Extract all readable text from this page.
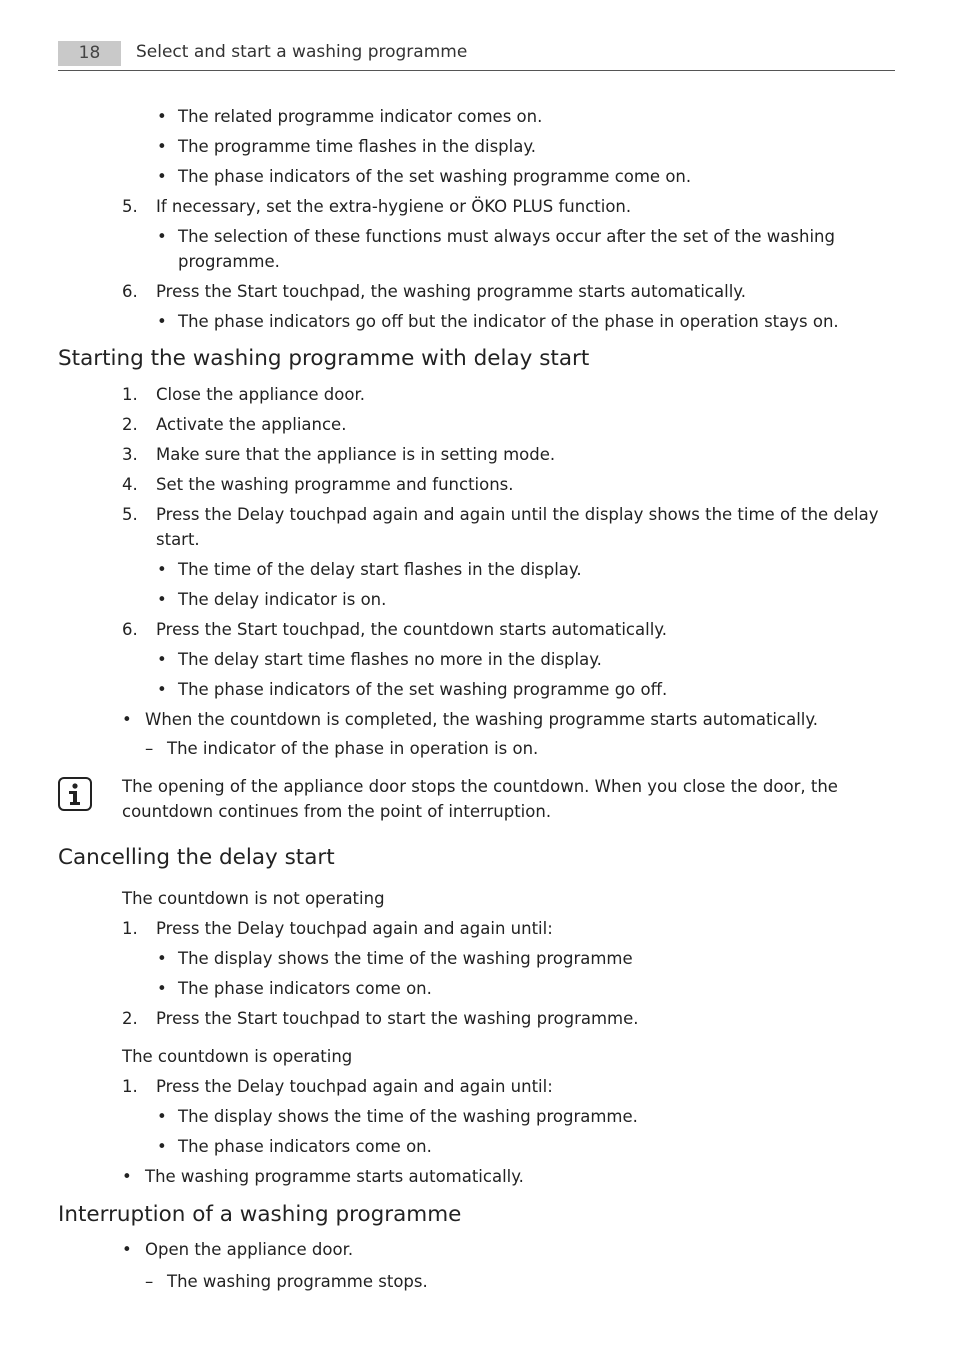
18	Select and start a washing programme
• The related programme indicator comes on.
• The programme time flashes in the display.
• The phase indicators of the set washing programme come on.
5. If necessary, set the extra-hygiene or ÖKO PLUS function.
• The selection of these functions must always occur after the set of the washing programme.
6. Press the Start touchpad, the washing programme starts automatically.
• The phase indicators go off but the indicator of the phase in operation stays on.
Starting the washing programme with delay start
1. Close the appliance door.
2. Activate the appliance.
3. Make sure that the appliance is in setting mode.
4. Set the washing programme and functions.
5. Press the Delay touchpad again and again until the display shows the time of the delay start.
• The time of the delay start flashes in the display.
• The delay indicator is on.
6. Press the Start touchpad, the countdown starts automatically.
• The delay start time flashes no more in the display.
• The phase indicators of the set washing programme go off.
• When the countdown is completed, the washing programme starts automatically.
– The indicator of the phase in operation is on.
The opening of the appliance door stops the countdown. When you close the door, the countdown continues from the point of interruption.
Cancelling the delay start
The countdown is not operating
1. Press the Delay touchpad again and again until:
• The display shows the time of the washing programme
• The phase indicators come on.
2. Press the Start touchpad to start the washing programme.
The countdown is operating
1. Press the Delay touchpad again and again until:
• The display shows the time of the washing programme.
• The phase indicators come on.
• The washing programme starts automatically.
Interruption of a washing programme
• Open the appliance door.
– The washing programme stops.
